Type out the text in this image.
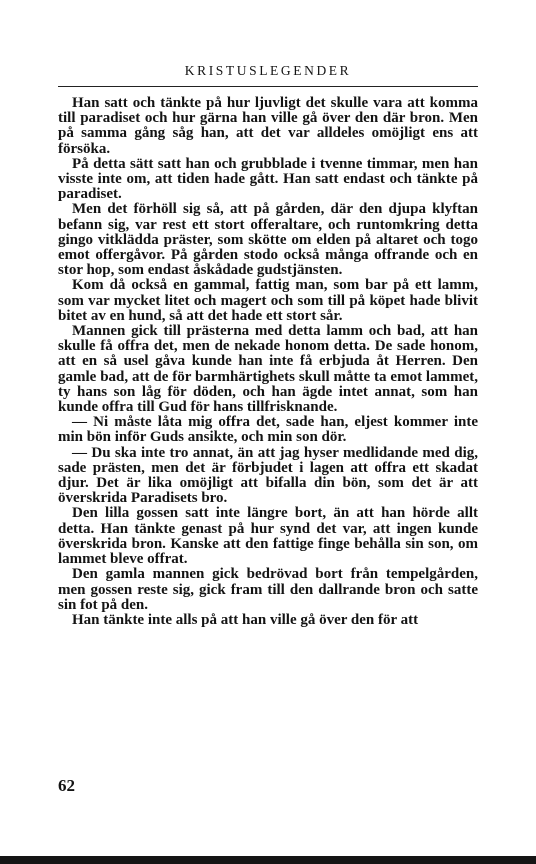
KRISTUSLEGENDER

Han satt och tänkte på hur ljuvligt det skulle vara att komma till paradiset och hur gärna han ville gå över den där bron. Men på samma gång såg han, att det var alldeles omöjligt ens att försöka.

På detta sätt satt han och grubblade i tvenne timmar, men han visste inte om, att tiden hade gått. Han satt endast och tänkte på paradiset.

Men det förhöll sig så, att på gården, där den djupa klyftan befann sig, var rest ett stort offeraltare, och runtomkring detta gingo vitklädda präster, som skötte om elden på altaret och togo emot offergåvor. På gården stodo också många offrande och en stor hop, som endast åskådade gudstjänsten.

Kom då också en gammal, fattig man, som bar på ett lamm, som var mycket litet och magert och som till på köpet hade blivit bitet av en hund, så att det hade ett stort sår.

Mannen gick till prästerna med detta lamm och bad, att han skulle få offra det, men de nekade honom detta. De sade honom, att en så usel gåva kunde han inte få erbjuda åt Herren. Den gamle bad, att de för barmhärtighets skull måtte ta emot lammet, ty hans son låg för döden, och han ägde intet annat, som han kunde offra till Gud för hans tillfrisknande.

— Ni måste låta mig offra det, sade han, eljest kommer inte min bön inför Guds ansikte, och min son dör.

— Du ska inte tro annat, än att jag hyser medlidande med dig, sade prästen, men det är förbjudet i lagen att offra ett skadat djur. Det är lika omöjligt att bifalla din bön, som det är att överskrida Paradisets bro.

Den lilla gossen satt inte längre bort, än att han hörde allt detta. Han tänkte genast på hur synd det var, att ingen kunde överskrida bron. Kanske att den fattige finge behålla sin son, om lammet bleve offrat.

Den gamla mannen gick bedrövad bort från tempelgården, men gossen reste sig, gick fram till den dallrande bron och satte sin fot på den.

Han tänkte inte alls på att han ville gå över den för att

62
